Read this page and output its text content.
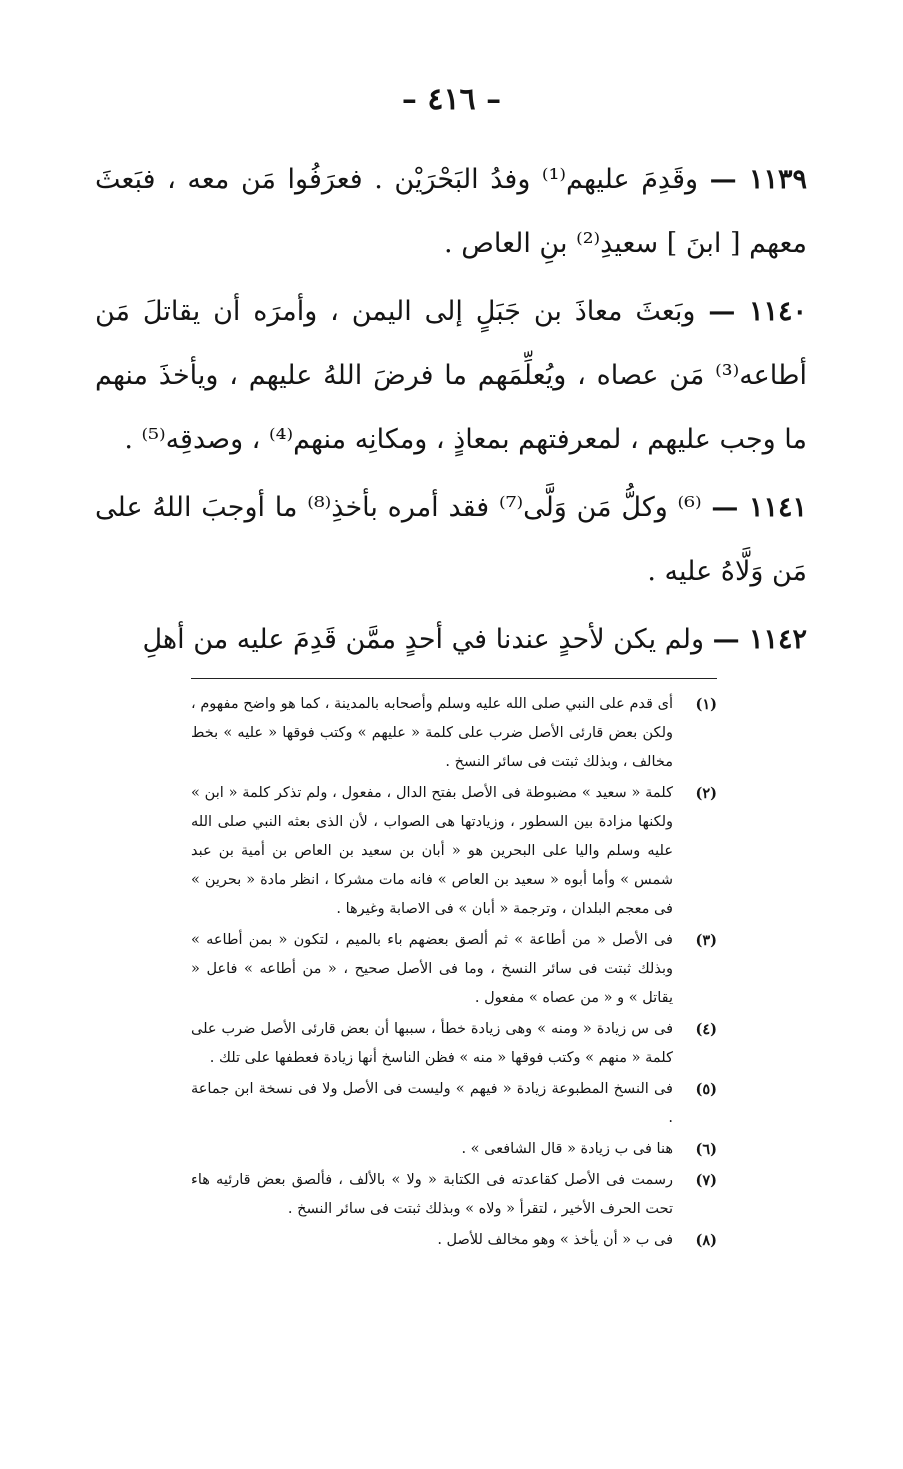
– ٤١٦ –

١١٣٩ — وقَدِمَ عليهم⁽¹⁾ وفدُ البَحْرَيْن . فعرَفُوا مَن معه ، فبَعثَ معهم [ ابنَ ] سعيدِ⁽²⁾ بنِ العاص .

١١٤٠ — وبَعثَ معاذَ بن جَبَلٍ إلى اليمن ، وأمرَه أن يقاتلَ مَن أطاعه⁽³⁾ مَن عصاه ، ويُعلِّمَهم ما فرضَ اللهُ عليهم ، ويأخذَ منهم ما وجب عليهم ، لمعرفتهم بمعاذٍ ، ومكانِه منهم⁽⁴⁾ ، وصدقِه⁽⁵⁾ .

١١٤١ — ⁽⁶⁾ وكلُّ مَن وَلَّى⁽⁷⁾ فقد أمره بأخذِ⁽⁸⁾ ما أوجبَ اللهُ على مَن وَلَّاهُ عليه .

١١٤٢ — ولم يكن لأحدٍ عندنا في أحدٍ ممَّن قَدِمَ عليه من أهلِ

(١)
أى قدم على النبي صلى الله عليه وسلم وأصحابه بالمدينة ، كما هو واضح مفهوم ، ولكن بعض قارئى الأصل ضرب على كلمة « عليهم » وكتب فوقها « عليه » بخط مخالف ، وبذلك ثبتت فى سائر النسخ .
(٢)
كلمة « سعيد » مضبوطة فى الأصل بفتح الدال ، مفعول ، ولم تذكر كلمة « ابن » ولكنها مزادة بين السطور ، وزيادتها هى الصواب ، لأن الذى بعثه النبي صلى الله عليه وسلم واليا على البحرين هو « أبان بن سعيد بن العاص بن أمية بن عبد شمس » وأما أبوه « سعيد بن العاص » فانه مات مشركا ، انظر مادة « بحرين » فى معجم البلدان ، وترجمة « أبان » فى الاصابة وغيرها .
(٣)
فى الأصل « من أطاعة » ثم ألصق بعضهم باء بالميم ، لتكون « بمن أطاعه » وبذلك ثبتت فى سائر النسخ ، وما فى الأصل صحيح ، « من أطاعه » فاعل « يقاتل » و « من عصاه » مفعول .
(٤)
فى س زيادة « ومنه » وهى زيادة خطأ ، سببها أن بعض قارئى الأصل ضرب على كلمة « منهم » وكتب فوقها « منه » فظن الناسخ أنها زيادة فعطفها على تلك .
(٥)
فى النسخ المطبوعة زيادة « فيهم » وليست فى الأصل ولا فى نسخة ابن جماعة .
(٦)
هنا فى ب زيادة « قال الشافعى » .
(٧)
رسمت فى الأصل كقاعدته فى الكتابة « ولا » بالألف ، فألصق بعض قارئيه هاء تحت الحرف الأخير ، لتقرأ « ولاه » وبذلك ثبتت فى سائر النسخ .
(٨)
فى ب « أن يأخذ » وهو مخالف للأصل .
